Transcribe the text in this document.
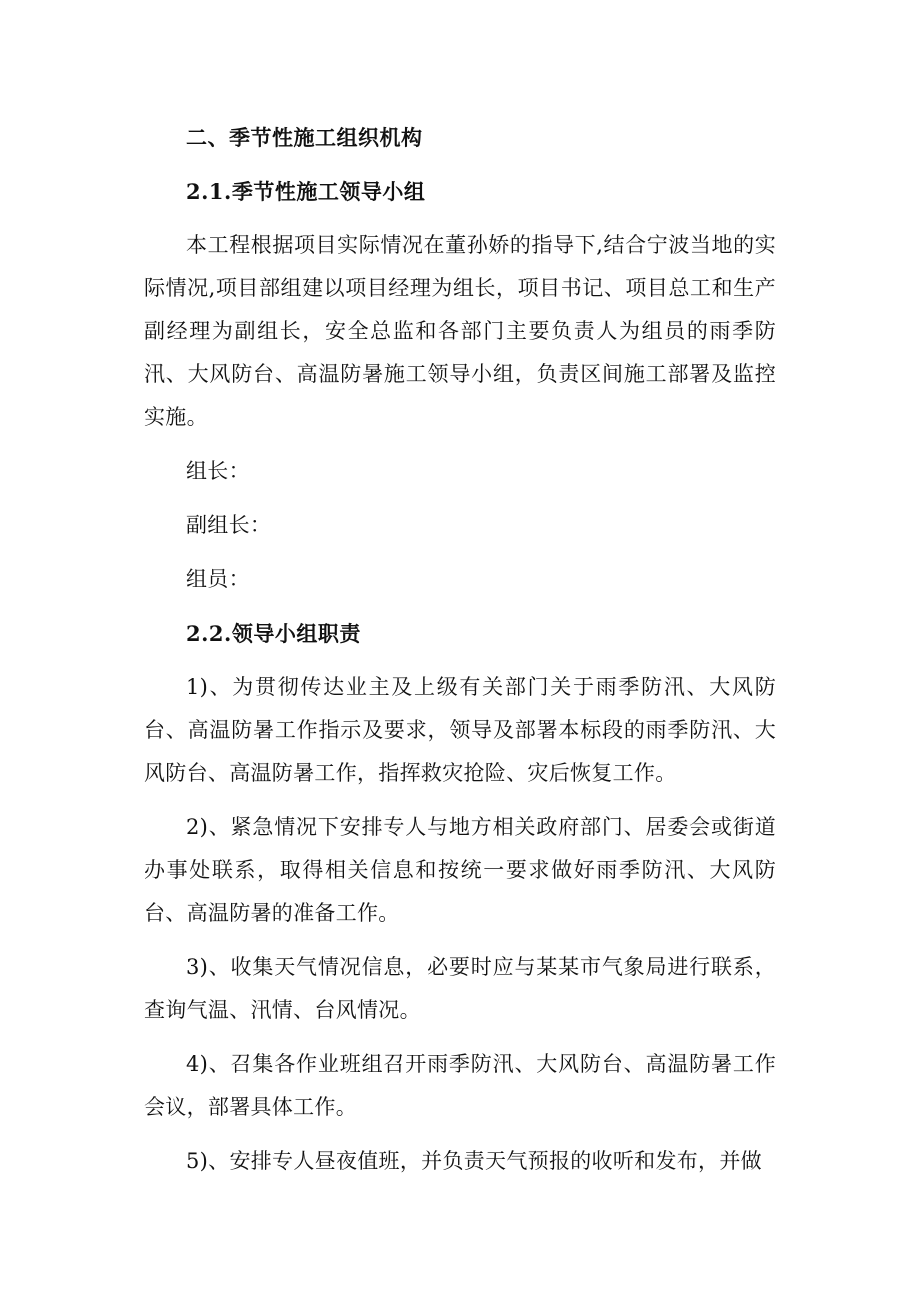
二、季节性施工组织机构
2.1.季节性施工领导小组
本工程根据项目实际情况在董孙娇的指导下,结合宁波当地的实际情况,项目部组建以项目经理为组长，项目书记、项目总工和生产副经理为副组长，安全总监和各部门主要负责人为组员的雨季防汛、大风防台、高温防暑施工领导小组，负责区间施工部署及监控实施。
组长：
副组长：
组员：
2.2.领导小组职责
1)、为贯彻传达业主及上级有关部门关于雨季防汛、大风防台、高温防暑工作指示及要求，领导及部署本标段的雨季防汛、大风防台、高温防暑工作，指挥救灾抢险、灾后恢复工作。
2)、紧急情况下安排专人与地方相关政府部门、居委会或街道办事处联系，取得相关信息和按统一要求做好雨季防汛、大风防台、高温防暑的准备工作。
3)、收集天气情况信息，必要时应与某某市气象局进行联系，查询气温、汛情、台风情况。
4)、召集各作业班组召开雨季防汛、大风防台、高温防暑工作会议，部署具体工作。
5)、安排专人昼夜值班，并负责天气预报的收听和发布，并做
